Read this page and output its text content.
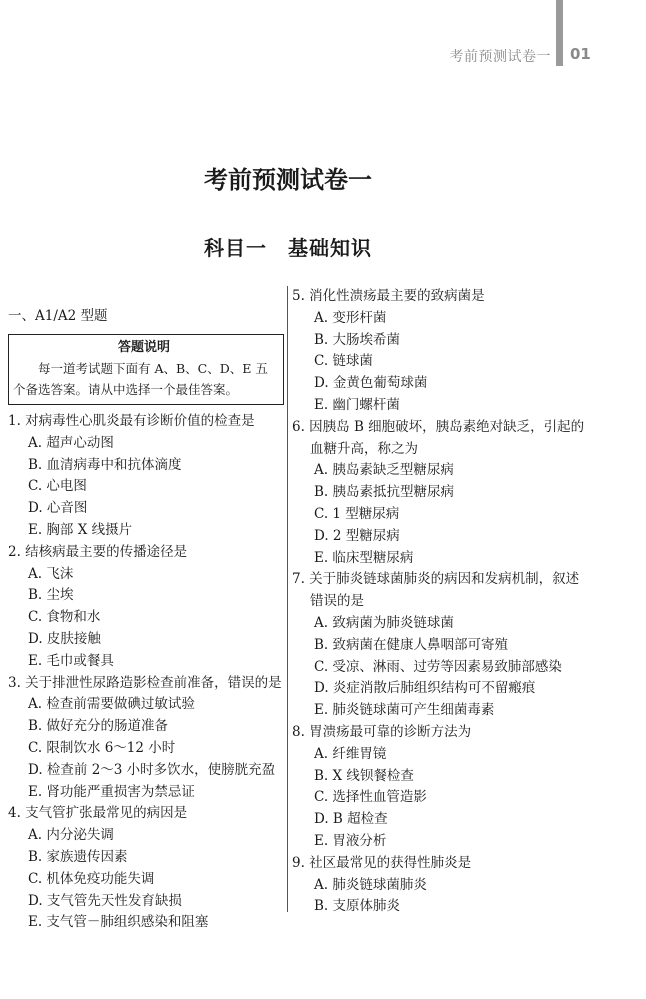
考前预测试卷一 01
考前预测试卷一
科目一　基础知识
一、A1/A2 型题
答题说明
每一道考试题下面有 A、B、C、D、E 五个备选答案。请从中选择一个最佳答案。
1. 对病毒性心肌炎最有诊断价值的检查是
A. 超声心动图
B. 血清病毒中和抗体滴度
C. 心电图
D. 心音图
E. 胸部 X 线摄片
2. 结核病最主要的传播途径是
A. 飞沫
B. 尘埃
C. 食物和水
D. 皮肤接触
E. 毛巾或餐具
3. 关于排泄性尿路造影检查前准备，错误的是
A. 检查前需要做碘过敏试验
B. 做好充分的肠道准备
C. 限制饮水 6～12 小时
D. 检查前 2～3 小时多饮水，使膀胱充盈
E. 肾功能严重损害为禁忌证
4. 支气管扩张最常见的病因是
A. 内分泌失调
B. 家族遗传因素
C. 机体免疫功能失调
D. 支气管先天性发育缺损
E. 支气管－肺组织感染和阻塞
5. 消化性溃疡最主要的致病菌是
A. 变形杆菌
B. 大肠埃希菌
C. 链球菌
D. 金黄色葡萄球菌
E. 幽门螺杆菌
6. 因胰岛 B 细胞破坏，胰岛素绝对缺乏，引起的血糖升高，称之为
A. 胰岛素缺乏型糖尿病
B. 胰岛素抵抗型糖尿病
C. 1 型糖尿病
D. 2 型糖尿病
E. 临床型糖尿病
7. 关于肺炎链球菌肺炎的病因和发病机制，叙述错误的是
A. 致病菌为肺炎链球菌
B. 致病菌在健康人鼻咽部可寄殖
C. 受凉、淋雨、过劳等因素易致肺部感染
D. 炎症消散后肺组织结构可不留瘢痕
E. 肺炎链球菌可产生细菌毒素
8. 胃溃疡最可靠的诊断方法为
A. 纤维胃镜
B. X 线钡餐检查
C. 选择性血管造影
D. B 超检查
E. 胃液分析
9. 社区最常见的获得性肺炎是
A. 肺炎链球菌肺炎
B. 支原体肺炎
